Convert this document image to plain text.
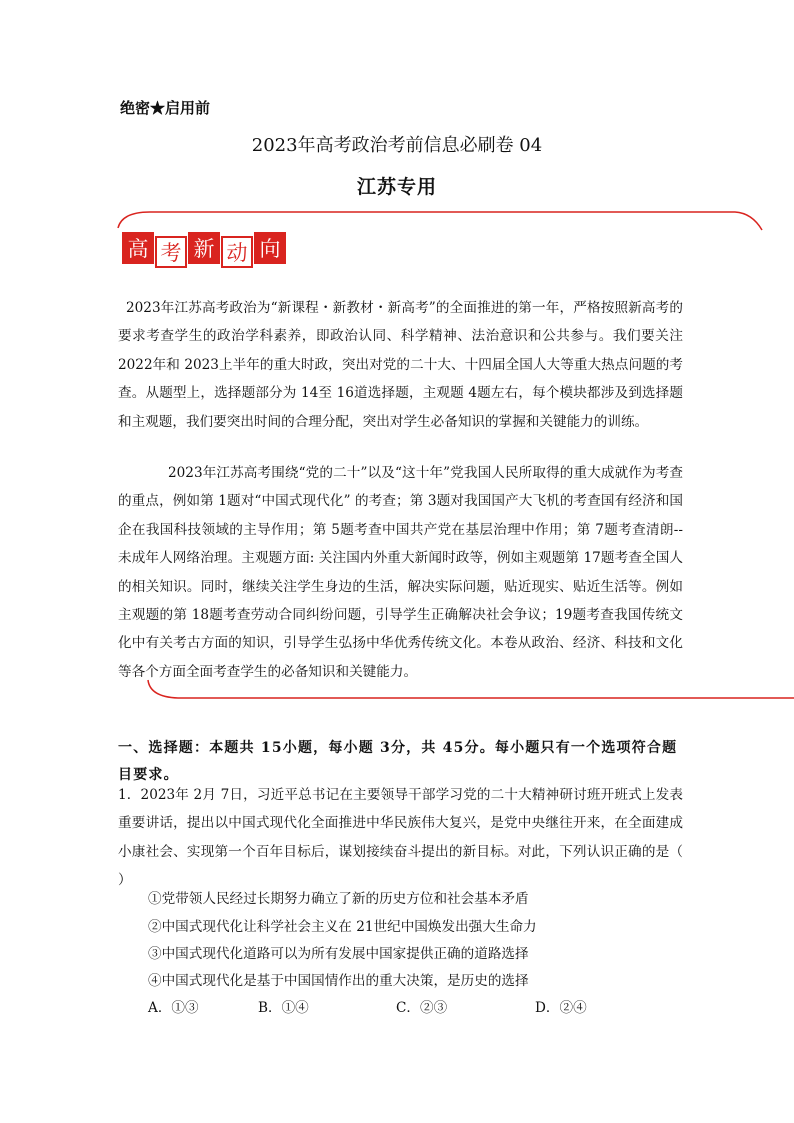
绝密★启用前
2023年高考政治考前信息必刷卷 04
江苏专用
高 考 新 动 向
2023年江苏高考政治为“新课程・新教材・新高考”的全面推进的第一年，严格按照新高考的要求考查学生的政治学科素养，即政治认同、科学精神、法治意识和公共参与。我们要关注 2022年和 2023上半年的重大时政，突出对党的二十大、十四届全国人大等重大热点问题的考查。从题型上，选择题部分为 14至 16道选择题，主观题 4题左右，每个模块都涉及到选择题和主观题，我们要突出时间的合理分配，突出对学生必备知识的掌握和关键能力的训练。
2023年江苏高考围绕“党的二十”以及“这十年”党我国人民所取得的重大成就作为考查的重点，例如第 1题对“中国式现代化” 的考查；第 3题对我国国产大飞机的考查国有经济和国企在我国科技领域的主导作用；第 5题考查中国共产党在基层治理中作用；第 7题考查清朗--未成年人网络治理。主观题方面: 关注国内外重大新闻时政等，例如主观题第 17题考查全国人的相关知识。同时，继续关注学生身边的生活，解决实际问题，贴近现实、贴近生活等。例如主观题的第 18题考查劳动合同纠纷问题，引导学生正确解决社会争议；19题考查我国传统文化中有关考古方面的知识，引导学生弘扬中华优秀传统文化。本卷从政治、经济、科技和文化等各个方面全面考查学生的必备知识和关键能力。
一、选择题：本题共 15小题，每小题 3分，共 45分。每小题只有一个选项符合题目要求。
1．2023年 2月 7日，习近平总书记在主要领导干部学习党的二十大精神研讨班开班式上发表重要讲话，提出以中国式现代化全面推进中华民族伟大复兴，是党中央继往开来，在全面建成小康社会、实现第一个百年目标后，谋划接续奋斗提出的新目标。对此，下列认识正确的是（ ）
①党带领人民经过长期努力确立了新的历史方位和社会基本矛盾
②中国式现代化让科学社会主义在 21世纪中国焕发出强大生命力
③中国式现代化道路可以为所有发展中国家提供正确的道路选择
④中国式现代化是基于中国国情作出的重大决策，是历史的选择
A．①③	B．①④	C．②③	D．②④
